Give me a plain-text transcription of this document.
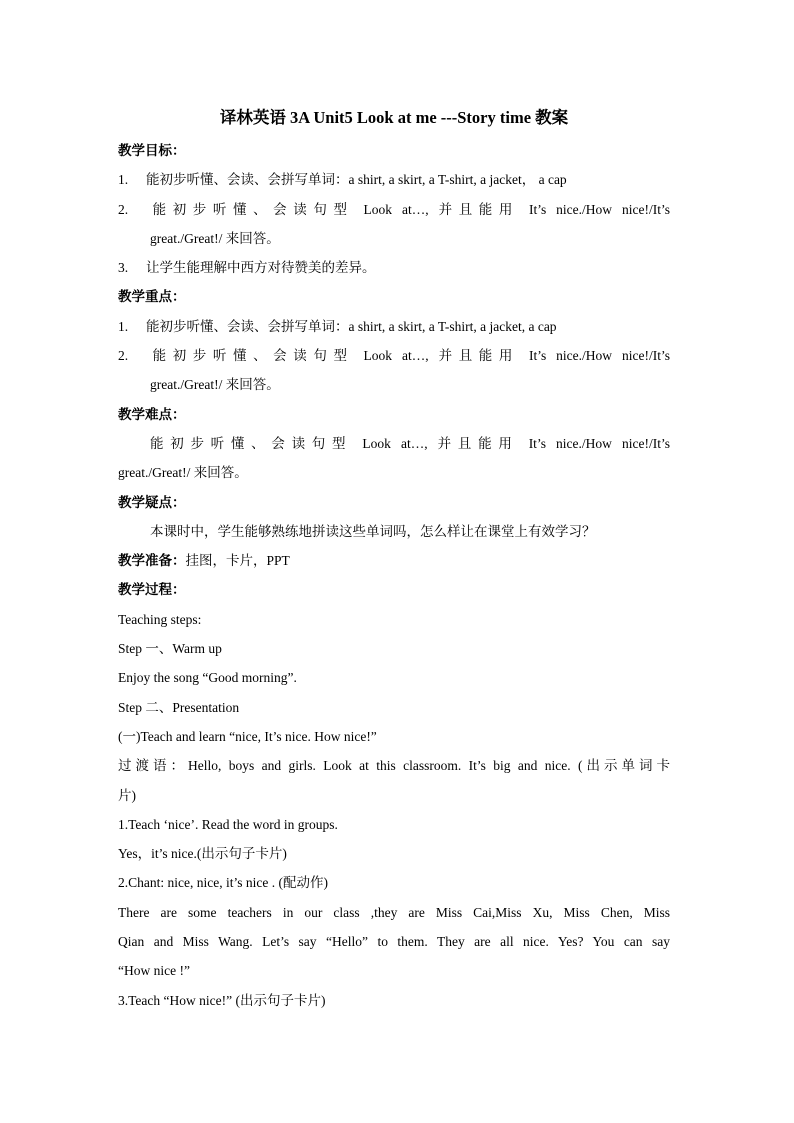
译林英语 3A Unit5 Look at me ---Story time 教案

教学目标：

1. 能初步听懂、会读、会拼写单词：a shirt, a skirt, a T-shirt, a jacket， a cap

2. 能初步听懂、会读句型 Look at…, 并且能用 It’s nice./How nice!/It’s

great./Great!/ 来回答。

3. 让学生能理解中西方对待赞美的差异。

教学重点：

1. 能初步听懂、会读、会拼写单词：a shirt, a skirt, a T-shirt, a jacket, a cap

2. 能初步听懂、会读句型 Look at…, 并且能用 It’s nice./How nice!/It’s

great./Great!/ 来回答。

教学难点：

能初步听懂、会读句型 Look at…, 并且能用 It’s nice./How nice!/It’s

great./Great!/ 来回答。

教学疑点：

本课时中，学生能够熟练地拼读这些单词吗，怎么样让在课堂上有效学习？

教学准备：挂图，卡片，PPT

教学过程：

Teaching steps:

Step 一、Warm up

Enjoy the song “Good morning”.

Step 二、Presentation

(一)Teach and learn “nice, It’s nice. How nice!”

过渡语：Hello, boys and girls. Look at this classroom. It’s big and nice. (出示单词卡

片)

1.Teach ‘nice’. Read the word in groups.

Yes，it’s nice.(出示句子卡片)

2.Chant: nice, nice, it’s nice . (配动作)

There are some teachers in our class ,they are Miss Cai,Miss Xu, Miss Chen, Miss

Qian and Miss Wang. Let’s say “Hello” to them. They are all nice. Yes? You can say

“How nice !”

3.Teach “How nice!” (出示句子卡片)
